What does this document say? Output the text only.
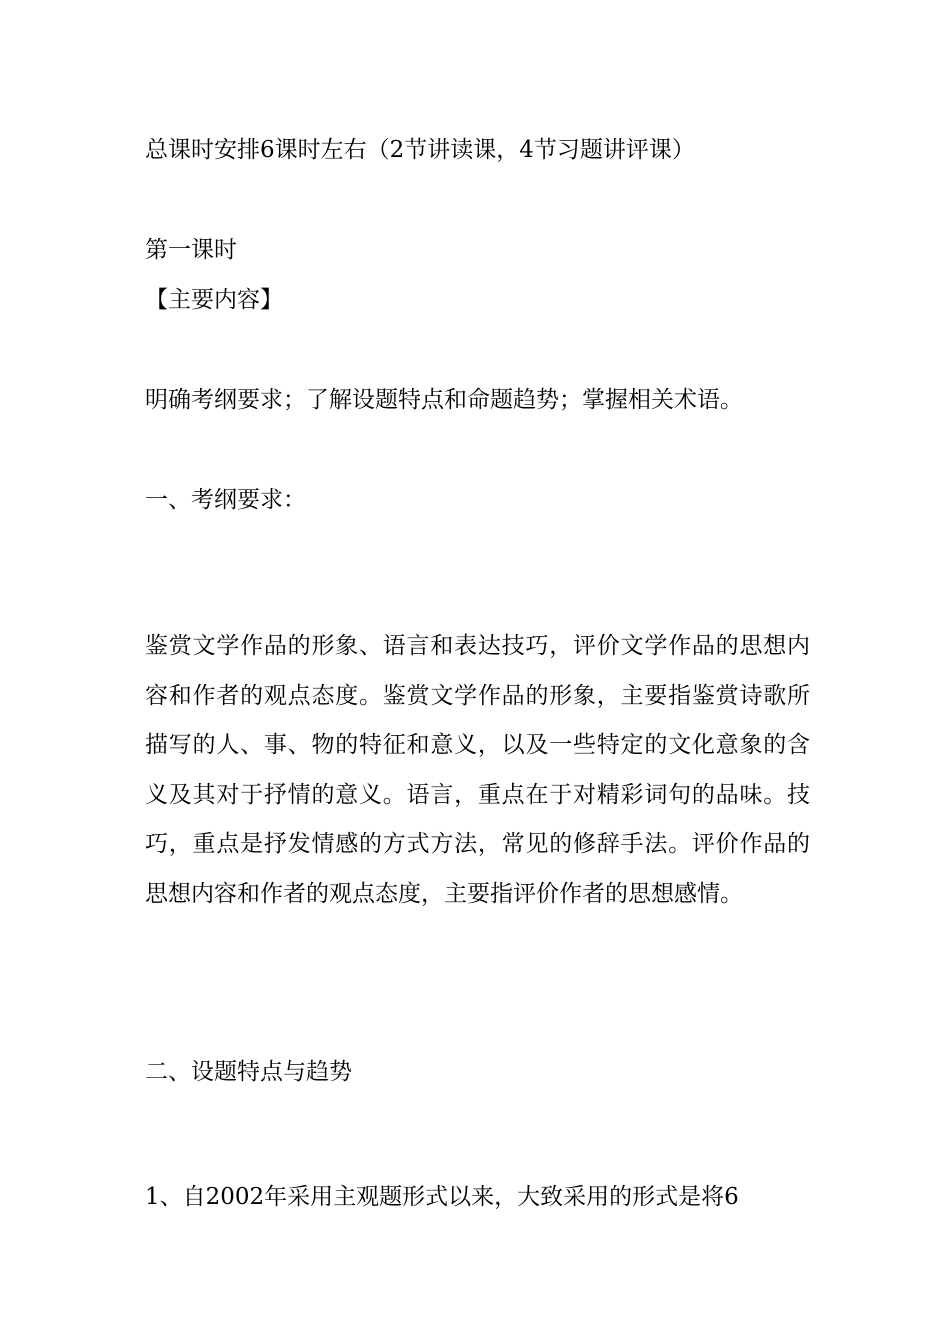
总课时安排6课时左右（2节讲读课，4节习题讲评课）
第一课时
【主要内容】
明确考纲要求；了解设题特点和命题趋势；掌握相关术语。
一、考纲要求：
鉴赏文学作品的形象、语言和表达技巧，评价文学作品的思想内容和作者的观点态度。鉴赏文学作品的形象，主要指鉴赏诗歌所描写的人、事、物的特征和意义，以及一些特定的文化意象的含义及其对于抒情的意义。语言，重点在于对精彩词句的品味。技巧，重点是抒发情感的方式方法，常见的修辞手法。评价作品的思想内容和作者的观点态度，主要指评价作者的思想感情。
二、设题特点与趋势
1、自2002年采用主观题形式以来，大致采用的形式是将6
